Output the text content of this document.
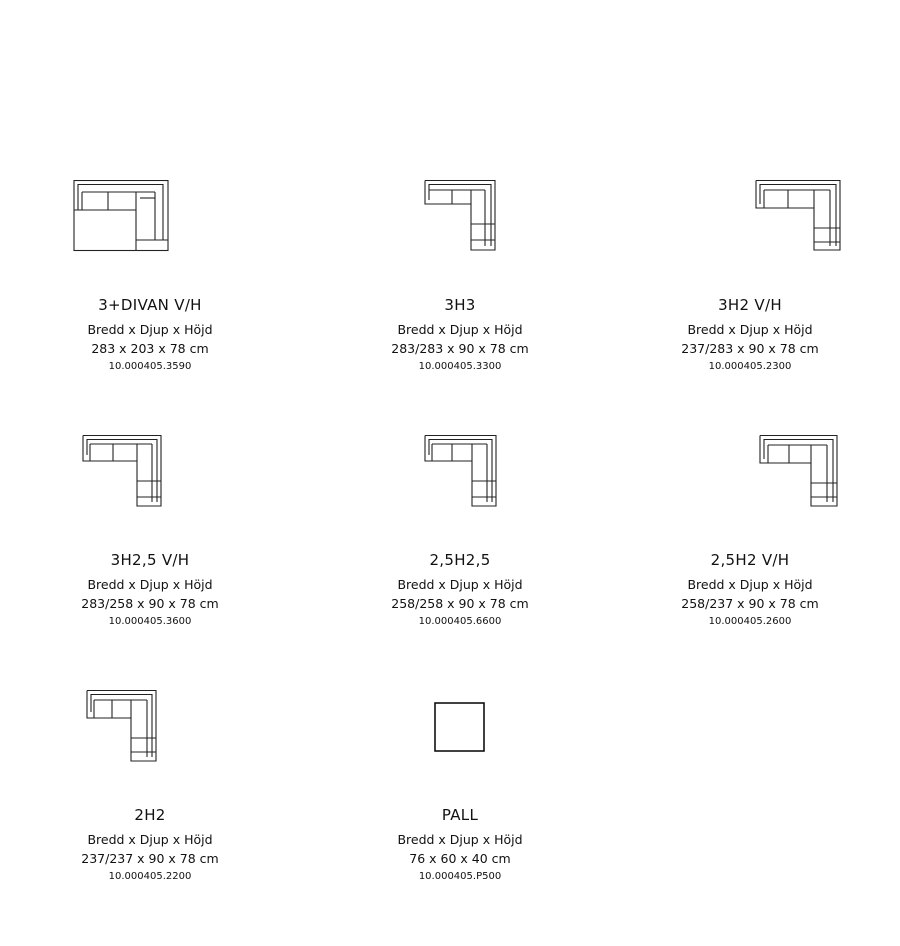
3+DIVAN V/H
Bredd x Djup x Höjd
283 x 203 x 78 cm
10.000405.3590
3H3
Bredd x Djup x Höjd
283/283 x 90 x 78 cm
10.000405.3300
3H2 V/H
Bredd x Djup x Höjd
237/283 x 90 x 78 cm
10.000405.2300
3H2,5 V/H
Bredd x Djup x Höjd
283/258 x 90 x 78 cm
10.000405.3600
2,5H2,5
Bredd x Djup x Höjd
258/258 x 90 x 78 cm
10.000405.6600
2,5H2 V/H
Bredd x Djup x Höjd
258/237 x 90 x 78 cm
10.000405.2600
2H2
Bredd x Djup x Höjd
237/237 x 90 x 78 cm
10.000405.2200
PALL
Bredd x Djup x Höjd
76 x 60 x 40 cm
10.000405.P500
